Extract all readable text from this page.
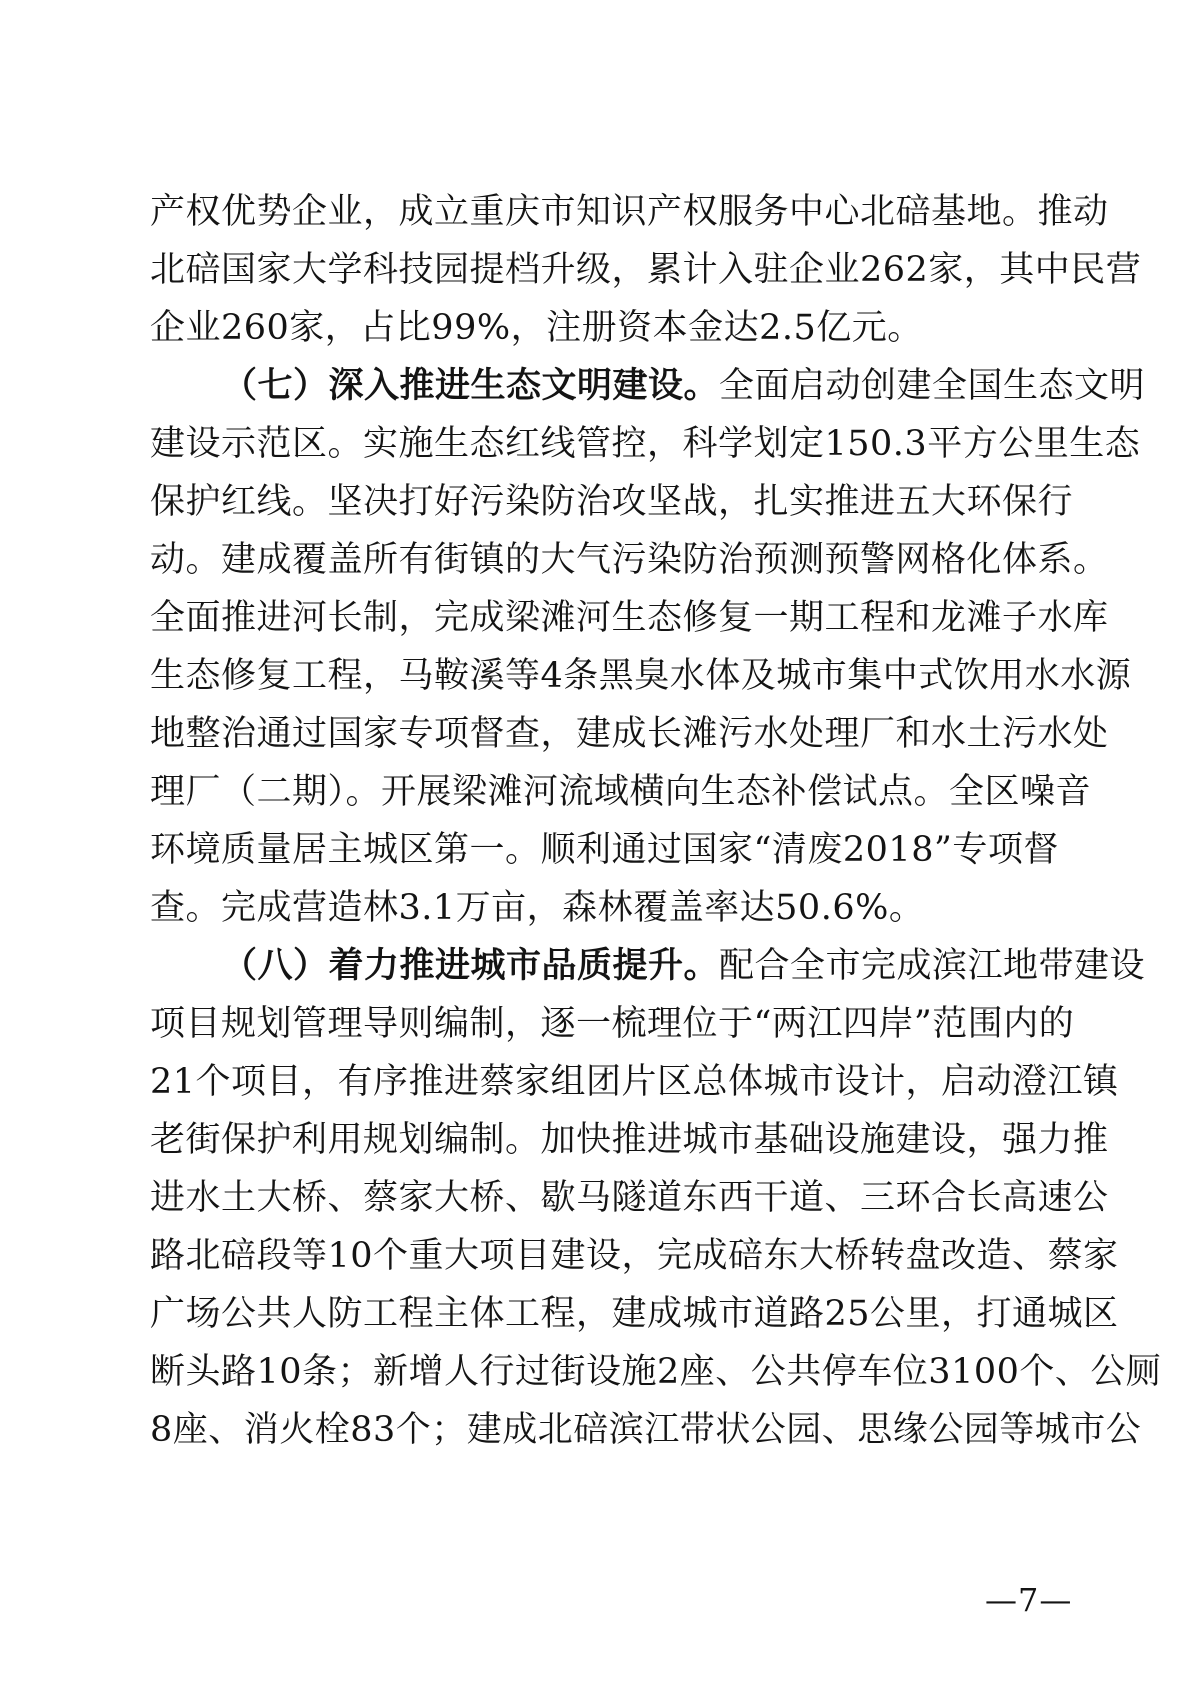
产权优势企业，成立重庆市知识产权服务中心北碚基地。推动
北碚国家大学科技园提档升级，累计入驻企业262家，其中民营
企业260家，占比99%，注册资本金达2.5亿元。
（七）深入推进生态文明建设。全面启动创建全国生态文明
建设示范区。实施生态红线管控，科学划定150.3平方公里生态
保护红线。坚决打好污染防治攻坚战，扎实推进五大环保行
动。建成覆盖所有街镇的大气污染防治预测预警网格化体系。
全面推进河长制，完成梁滩河生态修复一期工程和龙滩子水库
生态修复工程，马鞍溪等4条黑臭水体及城市集中式饮用水水源
地整治通过国家专项督查，建成长滩污水处理厂和水土污水处
理厂（二期）。开展梁滩河流域横向生态补偿试点。全区噪音
环境质量居主城区第一。顺利通过国家“清废2018”专项督
查。完成营造林3.1万亩，森林覆盖率达50.6%。
（八）着力推进城市品质提升。配合全市完成滨江地带建设
项目规划管理导则编制，逐一梳理位于“两江四岸”范围内的
21个项目，有序推进蔡家组团片区总体城市设计，启动澄江镇
老街保护利用规划编制。加快推进城市基础设施建设，强力推
进水土大桥、蔡家大桥、歇马隧道东西干道、三环合长高速公
路北碚段等10个重大项目建设，完成碚东大桥转盘改造、蔡家
广场公共人防工程主体工程，建成城市道路25公里，打通城区
断头路10条；新增人行过街设施2座、公共停车位3100个、公厕
8座、消火栓83个；建成北碚滨江带状公园、思缘公园等城市公
—7—
